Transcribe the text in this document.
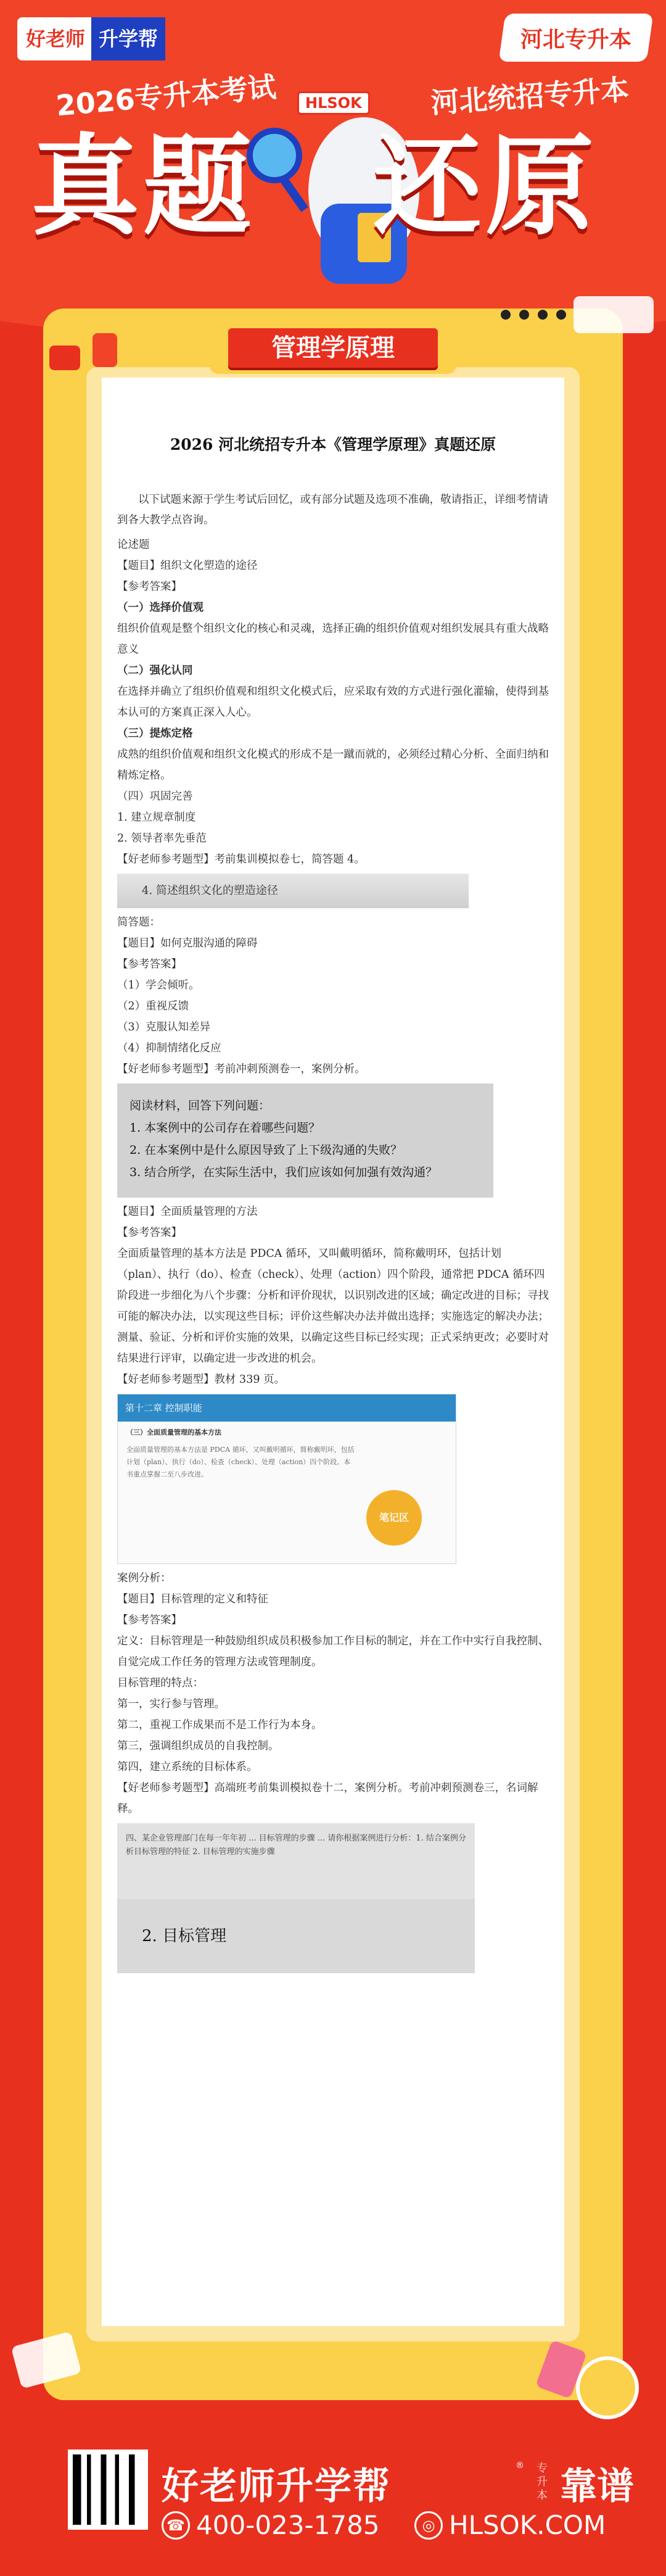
好老师 升学帮	河北专升本
2026专升本考试	河北统招专升本
HLSOK
真题 还原
管理学原理

2026 河北统招专升本《管理学原理》真题还原

以下试题来源于学生考试后回忆，或有部分试题及选项不准确，敬请指正，详细考情请到各大教学点咨询。

论述题

【题目】组织文化塑造的途径

【参考答案】

（一）选择价值观

组织价值观是整个组织文化的核心和灵魂，选择正确的组织价值观对组织发展具有重大战略意义

（二）强化认同

在选择并确立了组织价值观和组织文化模式后，应采取有效的方式进行强化灌输，使得到基本认可的方案真正深入人心。

（三）提炼定格

成熟的组织价值观和组织文化模式的形成不是一蹴而就的，必须经过精心分析、全面归纳和精炼定格。

（四）巩固完善

1. 建立规章制度

2. 领导者率先垂范

【好老师参考题型】考前集训模拟卷七，简答题 4。

4. 简述组织文化的塑造途径

简答题：

【题目】如何克服沟通的障碍

【参考答案】

（1）学会倾听。

（2）重视反馈

（3）克服认知差异

（4）抑制情绪化反应

【好老师参考题型】考前冲刺预测卷一，案例分析。

阅读材料，回答下列问题：
1. 本案例中的公司存在着哪些问题？
2. 在本案例中是什么原因导致了上下级沟通的失败？
3. 结合所学，在实际生活中，我们应该如何加强有效沟通？

【题目】全面质量管理的方法

【参考答案】

全面质量管理的基本方法是 PDCA 循环，又叫戴明循环，简称戴明环，包括计划（plan）、执行（do）、检查（check）、处理（action）四个阶段，通常把 PDCA 循环四阶段进一步细化为八个步骤：分析和评价现状，以识别改进的区域；确定改进的目标；寻找可能的解决办法，以实现这些目标；评价这些解决办法并做出选择；实施选定的解决办法；测量、验证、分析和评价实施的效果，以确定这些目标已经实现；正式采纳更改；必要时对结果进行评审，以确定进一步改进的机会。

【好老师参考题型】教材 339 页。

第十二章 控制职能
（三）全面质量管理的基本方法
全面质量管理的基本方法是 PDCA 循环，又叫戴明循环，简称戴明环，包括计划（plan）、执行（do）、检查（check）、处理（action）四个阶段。本书重点掌握二至八步改进。
笔记区

案例分析：

【题目】目标管理的定义和特征

【参考答案】

定义：目标管理是一种鼓励组织成员积极参加工作目标的制定，并在工作中实行自我控制、自觉完成工作任务的管理方法或管理制度。

目标管理的特点：

第一，实行参与管理。

第二，重视工作成果而不是工作行为本身。

第三，强调组织成员的自我控制。

第四，建立系统的目标体系。

【好老师参考题型】高端班考前集训模拟卷十二，案例分析。考前冲刺预测卷三，名词解释。

四、某企业管理部门在每一年年初 ... 目标管理的步骤 ... 请你根据案例进行分析：1. 结合案例分析目标管理的特征 2. 目标管理的实施步骤
2. 目标管理
好老师升学帮	® 专升本 靠谱
☎ 400-023-1785	◎ HLSOK.COM
